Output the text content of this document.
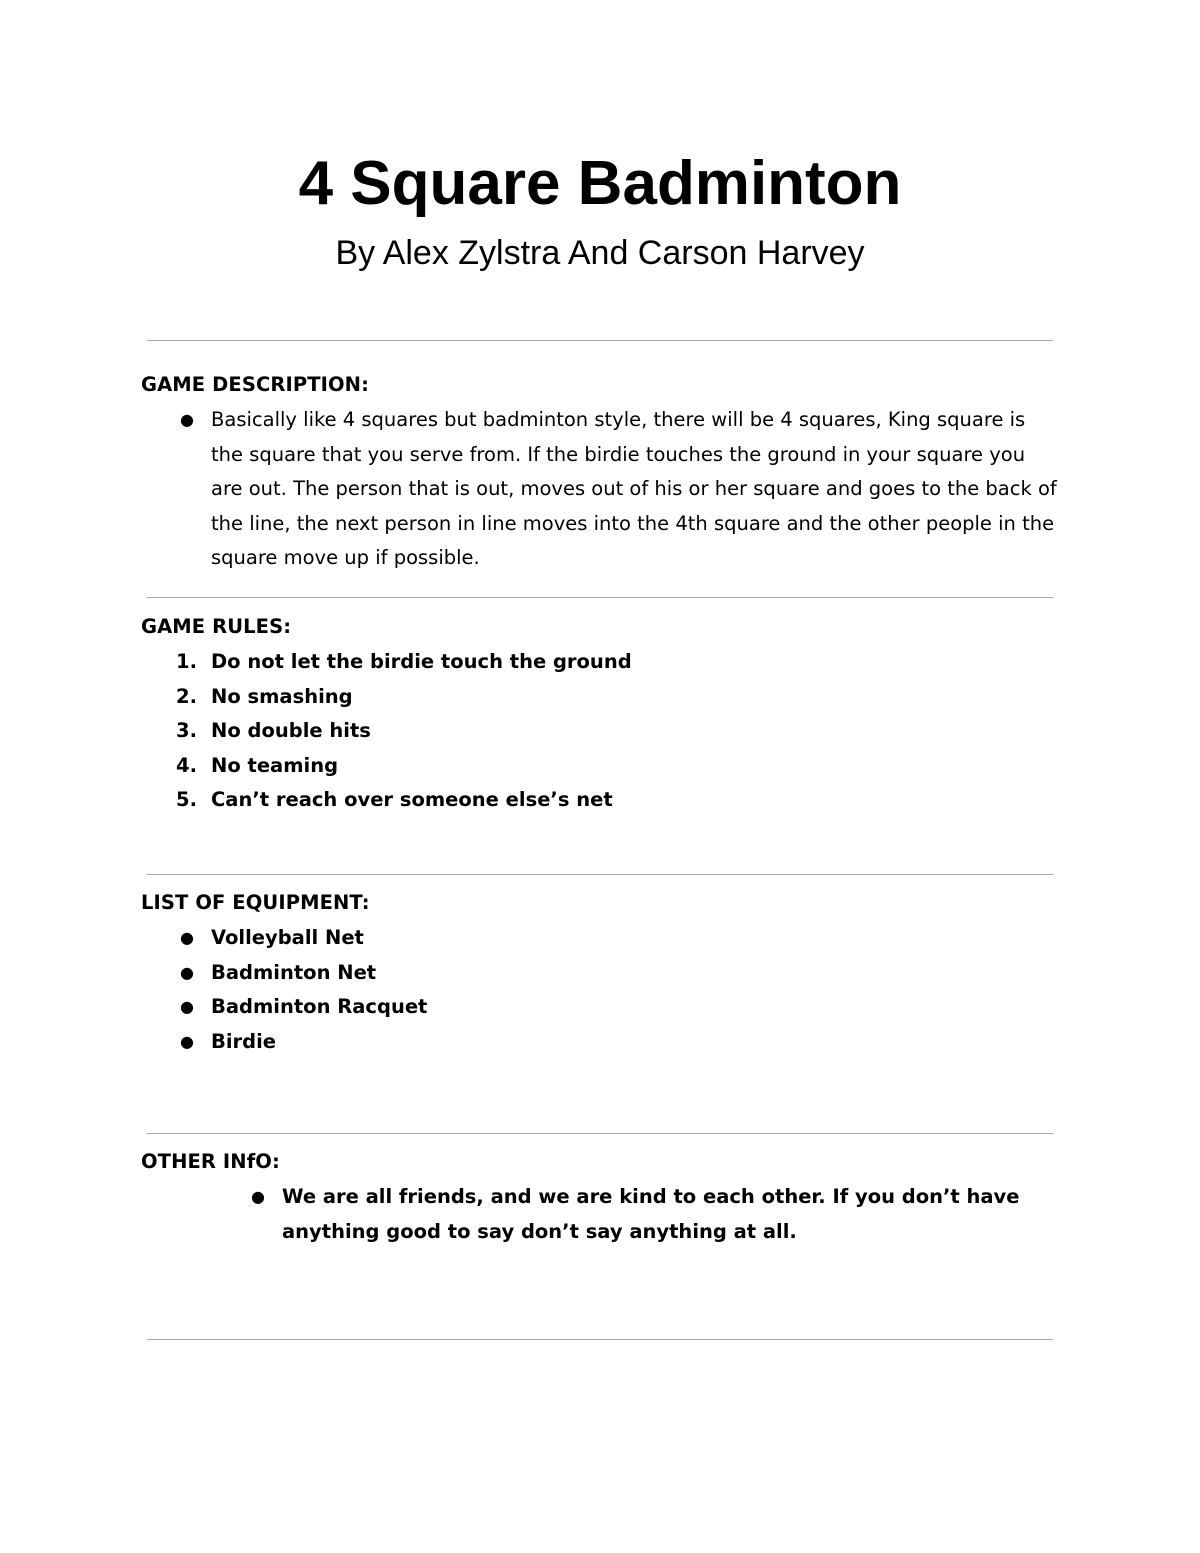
4 Square Badminton

By Alex Zylstra And Carson Harvey

GAME DESCRIPTION:

● Basically like 4 squares but badminton style, there will be 4 squares, King square is the square that you serve from. If the birdie touches the ground in your square you are out. The person that is out, moves out of his or her square and goes to the back of the line, the next person in line moves into the 4th square and the other people in the square move up if possible.

GAME RULES:

1. Do not let the birdie touch the ground
2. No smashing
3. No double hits
4. No teaming
5. Can’t reach over someone else’s net

LIST OF EQUIPMENT:

● Volleyball Net
● Badminton Net
● Badminton Racquet
● Birdie

OTHER INfO:

● We are all friends, and we are kind to each other. If you don’t have anything good to say don’t say anything at all.
